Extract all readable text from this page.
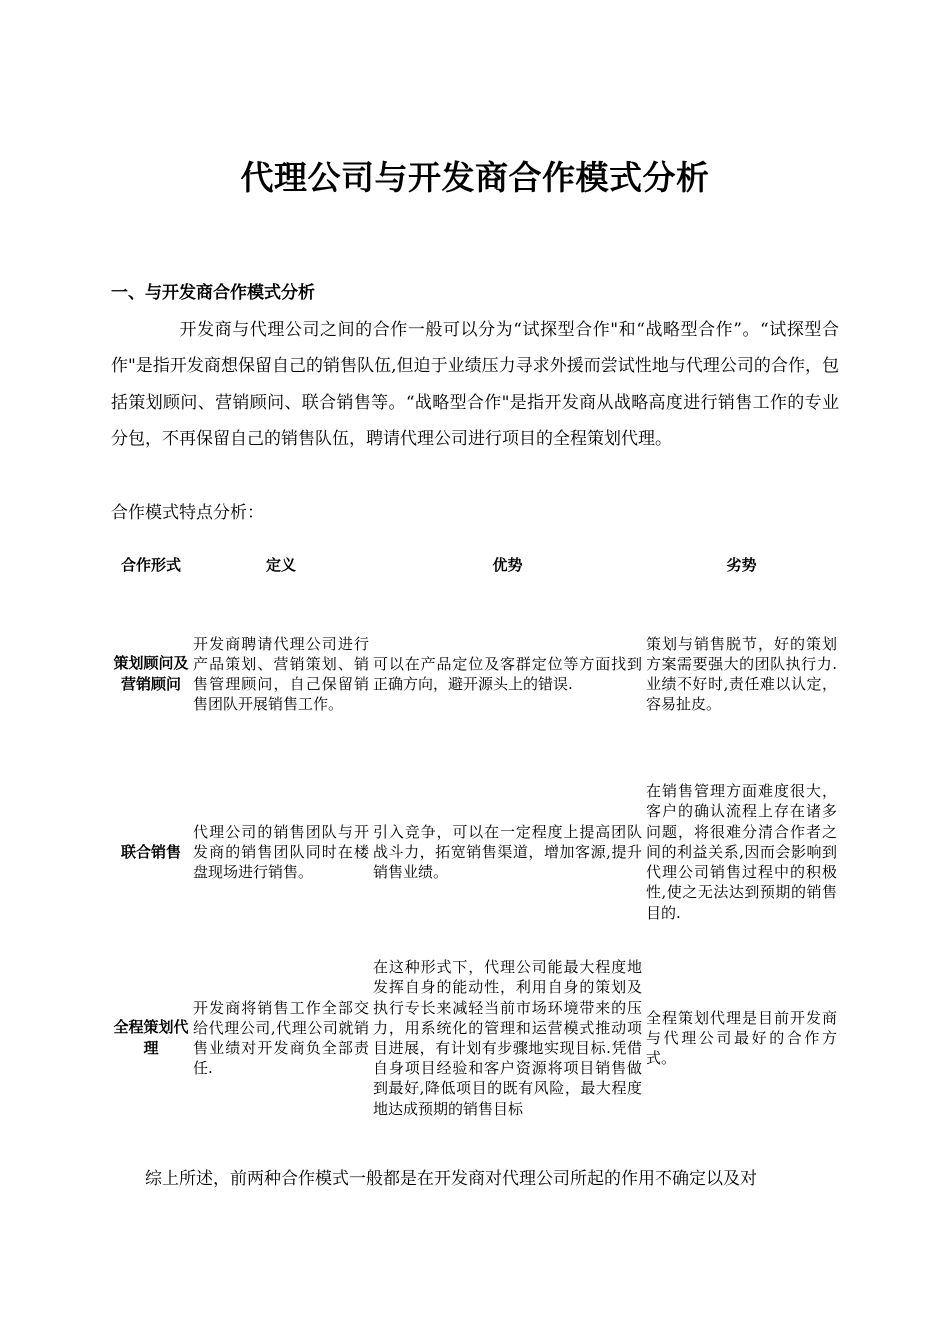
代理公司与开发商合作模式分析
一、与开发商合作模式分析
开发商与代理公司之间的合作一般可以分为“试探型合作"和“战略型合作”。“试探型合作"是指开发商想保留自己的销售队伍,但迫于业绩压力寻求外援而尝试性地与代理公司的合作，包括策划顾问、营销顾问、联合销售等。“战略型合作"是指开发商从战略高度进行销售工作的专业分包，不再保留自己的销售队伍，聘请代理公司进行项目的全程策划代理。
合作模式特点分析：
合作形式	定义	优势	劣势
策划顾问及营销顾问	开发商聘请代理公司进行产品策划、营销策划、销售管理顾问，自己保留销售团队开展销售工作。	可以在产品定位及客群定位等方面找到正确方向，避开源头上的错误.	策划与销售脱节，好的策划方案需要强大的团队执行力.业绩不好时,责任难以认定，容易扯皮。
联合销售	代理公司的销售团队与开发商的销售团队同时在楼盘现场进行销售。	引入竞争，可以在一定程度上提高团队战斗力，拓宽销售渠道，增加客源,提升销售业绩。	在销售管理方面难度很大，客户的确认流程上存在诸多问题，将很难分清合作者之间的利益关系,因而会影响到代理公司销售过程中的积极性,使之无法达到预期的销售目的.
全程策划代理	开发商将销售工作全部交给代理公司,代理公司就销售业绩对开发商负全部责任.	在这种形式下，代理公司能最大程度地发挥自身的能动性，利用自身的策划及执行专长来减轻当前市场环境带来的压力，用系统化的管理和运营模式推动项目进展，有计划有步骤地实现目标.凭借自身项目经验和客户资源将项目销售做到最好,降低项目的既有风险，最大程度地达成预期的销售目标	全程策划代理是目前开发商与代理公司最好的合作方式。
综上所述，前两种合作模式一般都是在开发商对代理公司所起的作用不确定以及对
